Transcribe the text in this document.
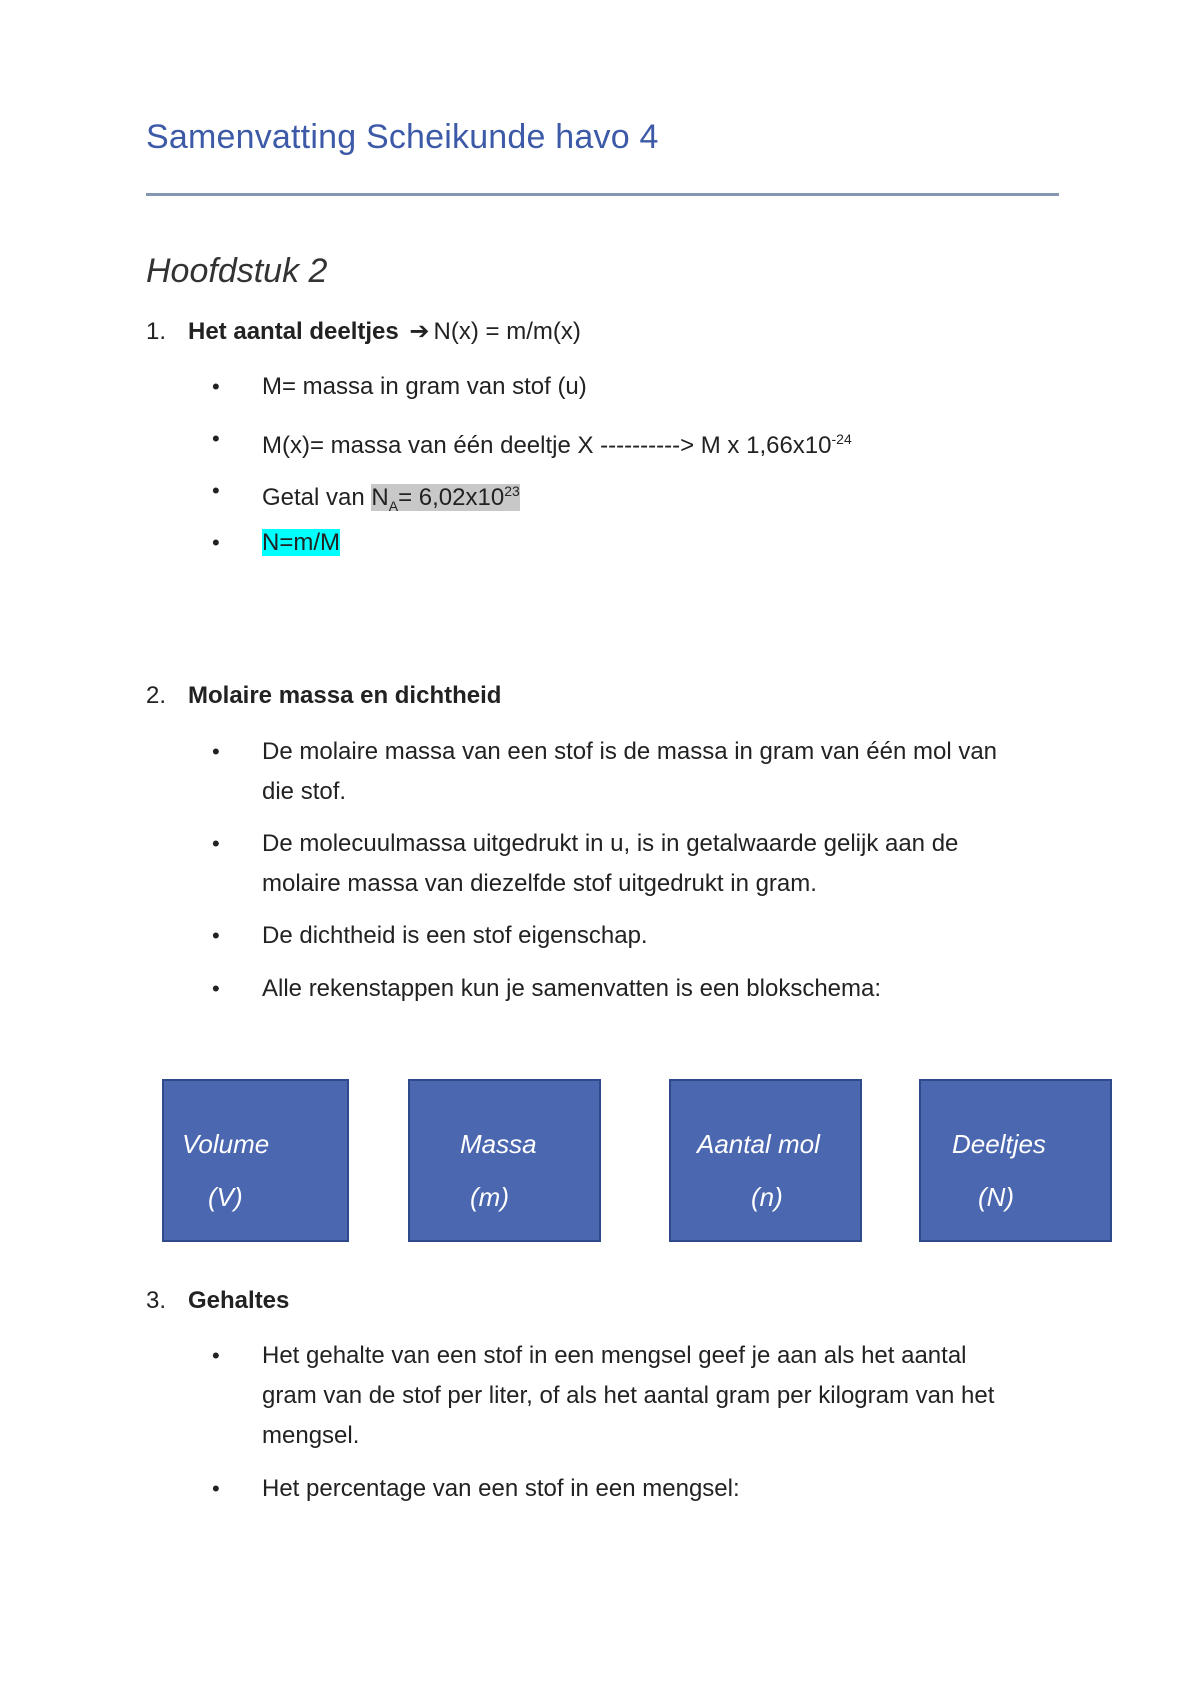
Samenvatting Scheikunde havo 4
Hoofdstuk 2
1. Het aantal deeltjes ➔ N(x) = m/m(x)
• M= massa in gram van stof (u)
• M(x)= massa van één deeltje X ----------> M x $1,66x10^{-24}$
• Getal van $N_A= 6,02x10^{23}$
• N=m/M
2. Molaire massa en dichtheid
• De molaire massa van een stof is de massa in gram van één mol van die stof.
• De molecuulmassa uitgedrukt in u, is in getalwaarde gelijk aan de molaire massa van diezelfde stof uitgedrukt in gram.
• De dichtheid is een stof eigenschap.
• Alle rekenstappen kun je samenvatten is een blokschema:
Volume
(V)
Massa
(m)
Aantal mol
(n)
Deeltjes
(N)
3. Gehaltes
• Het gehalte van een stof in een mengsel geef je aan als het aantal gram van de stof per liter, of als het aantal gram per kilogram van het mengsel.
• Het percentage van een stof in een mengsel:
